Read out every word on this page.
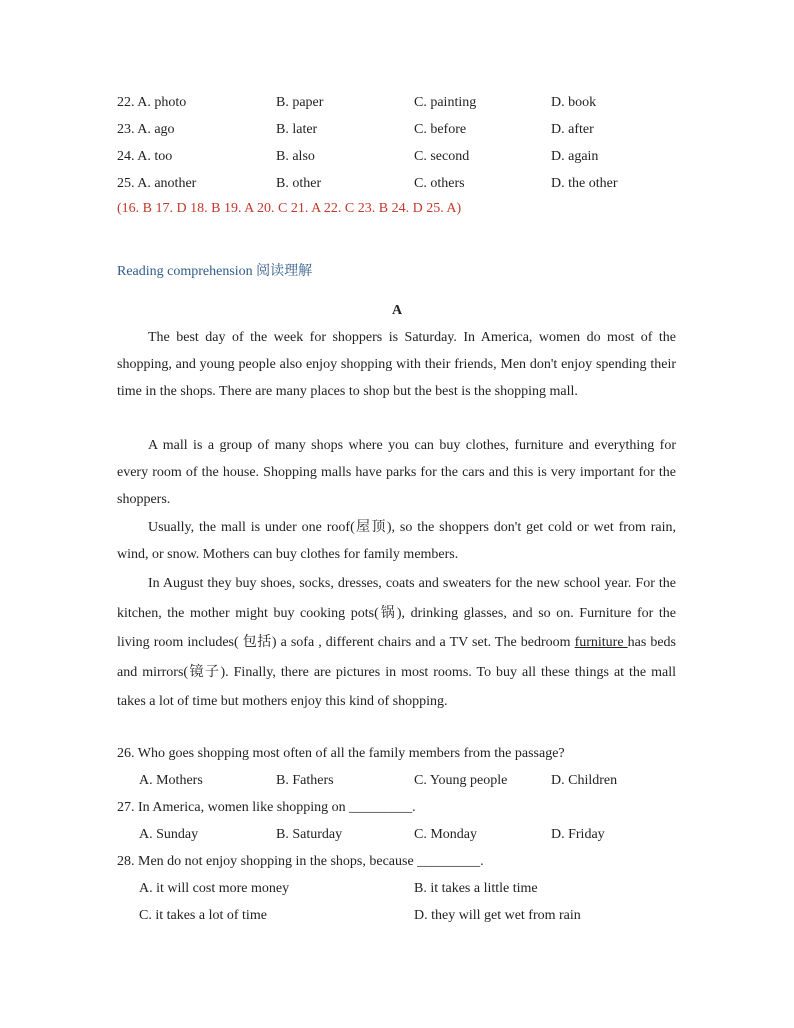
22. A. photo	B. paper	C. painting	D. book
23. A. ago	B. later	C. before	D. after
24. A. too	B. also	C. second	D. again
25. A. another	B. other	C. others	D. the other
(16. B 17. D 18. B 19. A 20. C 21. A 22. C 23. B 24. D 25. A)
Reading comprehension 阅读理解
A
The best day of the week for shoppers is Saturday. In America, women do most of the shopping, and young people also enjoy shopping with their friends, Men don't enjoy spending their time in the shops. There are many places to shop but the best is the shopping mall.
A mall is a group of many shops where you can buy clothes, furniture and everything for every room of the house. Shopping malls have parks for the cars and this is very important for the shoppers.
Usually, the mall is under one roof(屋顶), so the shoppers don't get cold or wet from rain, wind, or snow. Mothers can buy clothes for family members.
In August they buy shoes, socks, dresses, coats and sweaters for the new school year. For the kitchen, the mother might buy cooking pots(锅), drinking glasses, and so on. Furniture for the living room includes( 包括) a sofa , different chairs and a TV set. The bedroom furniture has beds and mirrors(镜子). Finally, there are pictures in most rooms. To buy all these things at the mall takes a lot of time but mothers enjoy this kind of shopping.
26. Who goes shopping most often of all the family members from the passage?
A. Mothers	B. Fathers	C. Young people	D. Children
27. In America, women like shopping on _________.
A. Sunday	B. Saturday	C. Monday	D. Friday
28. Men do not enjoy shopping in the shops, because _________.
A. it will cost more money	B. it takes a little time
C. it takes a lot of time	D. they will get wet from rain
